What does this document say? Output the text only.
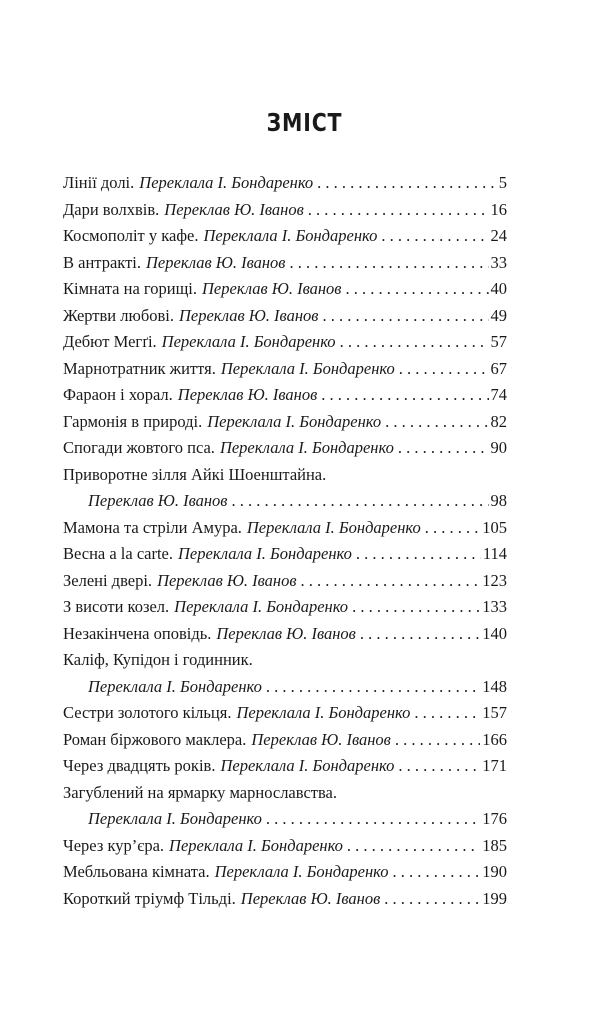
ЗМІСТ
Лінії долі. Переклала І. Бондаренко . . .	5
Дари волхвів. Переклав Ю. Іванов . . .	16
Космополіт у кафе. Переклала І. Бондаренко . . .	24
В антракті. Переклав Ю. Іванов . . .	33
Кімната на горищі. Переклав Ю. Іванов . . .	40
Жертви любові. Переклав Ю. Іванов . . .	49
Дебют Мегґі. Переклала І. Бондаренко . . .	57
Марнотратник життя. Переклала І. Бондаренко . . .	67
Фараон і хорал. Переклав Ю. Іванов . . .	74
Гармонія в природі. Переклала І. Бондаренко . . .	82
Спогади жовтого пса. Переклала І. Бондаренко . . .	90
Приворотне зілля Айкі Шоенштайна.
Переклав Ю. Іванов . . .	98
Мамона та стріли Амура. Переклала І. Бондаренко . . .	105
Весна a la carte. Переклала І. Бондаренко . . .	114
Зелені двері. Переклав Ю. Іванов . . .	123
З висоти козел. Переклала І. Бондаренко . . .	133
Незакінчена оповідь. Переклав Ю. Іванов . . .	140
Каліф, Купідон і годинник.
Переклала І. Бондаренко . . .	148
Сестри золотого кільця. Переклала І. Бондаренко . . .	157
Роман біржового маклера. Переклав Ю. Іванов . . .	166
Через двадцять років. Переклала І. Бондаренко . . .	171
Загублений на ярмарку марнославства.
Переклала І. Бондаренко . . .	176
Через кур’єра. Переклала І. Бондаренко . . .	185
Мебльована кімната. Переклала І. Бондаренко . . .	190
Короткий тріумф Тільді. Переклав Ю. Іванов . . .	199
